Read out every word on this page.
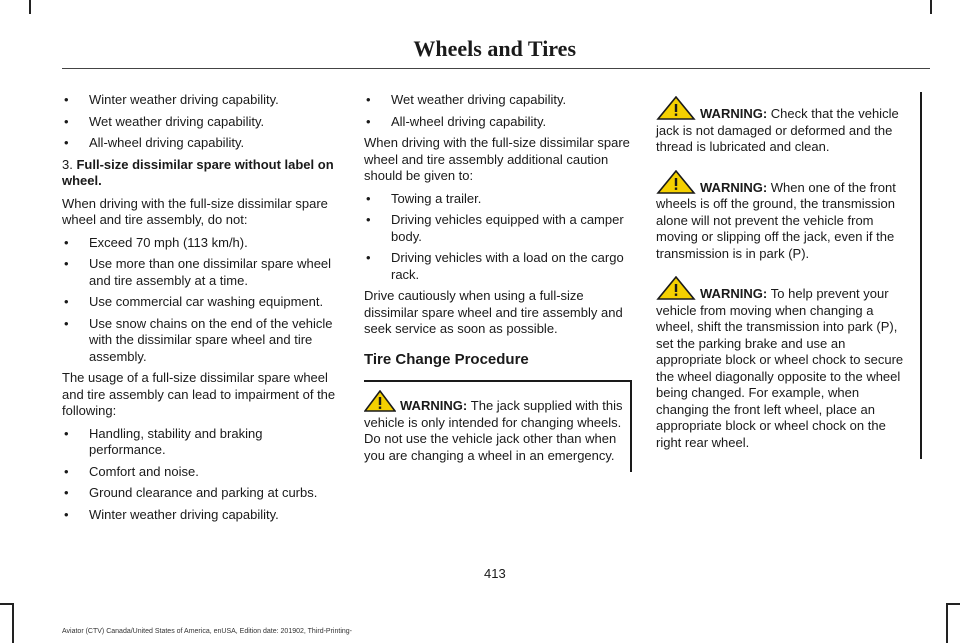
Wheels and Tires
• Winter weather driving capability.
• Wet weather driving capability.
• All-wheel driving capability.
3. Full-size dissimilar spare without label on wheel.

When driving with the full-size dissimilar spare wheel and tire assembly, do not:

• Exceed 70 mph (113 km/h).
• Use more than one dissimilar spare wheel and tire assembly at a time.
• Use commercial car washing equipment.
• Use snow chains on the end of the vehicle with the dissimilar spare wheel and tire assembly.

The usage of a full-size dissimilar spare wheel and tire assembly can lead to impairment of the following:

• Handling, stability and braking performance.
• Comfort and noise.
• Ground clearance and parking at curbs.
• Winter weather driving capability.
• Wet weather driving capability.
• All-wheel driving capability.

When driving with the full-size dissimilar spare wheel and tire assembly additional caution should be given to:

• Towing a trailer.
• Driving vehicles equipped with a camper body.
• Driving vehicles with a load on the cargo rack.

Drive cautiously when using a full-size dissimilar spare wheel and tire assembly and seek service as soon as possible.

Tire Change Procedure
WARNING: The jack supplied with this vehicle is only intended for changing wheels. Do not use the vehicle jack other than when you are changing a wheel in an emergency.
WARNING: Check that the vehicle jack is not damaged or deformed and the thread is lubricated and clean.
WARNING: When one of the front wheels is off the ground, the transmission alone will not prevent the vehicle from moving or slipping off the jack, even if the transmission is in park (P).
WARNING: To help prevent your vehicle from moving when changing a wheel, shift the transmission into park (P), set the parking brake and use an appropriate block or wheel chock to secure the wheel diagonally opposite to the wheel being changed. For example, when changing the front left wheel, place an appropriate block or wheel chock on the right rear wheel.
413
Aviator (CTV) Canada/United States of America, enUSA, Edition date: 201902, Third-Printing-
